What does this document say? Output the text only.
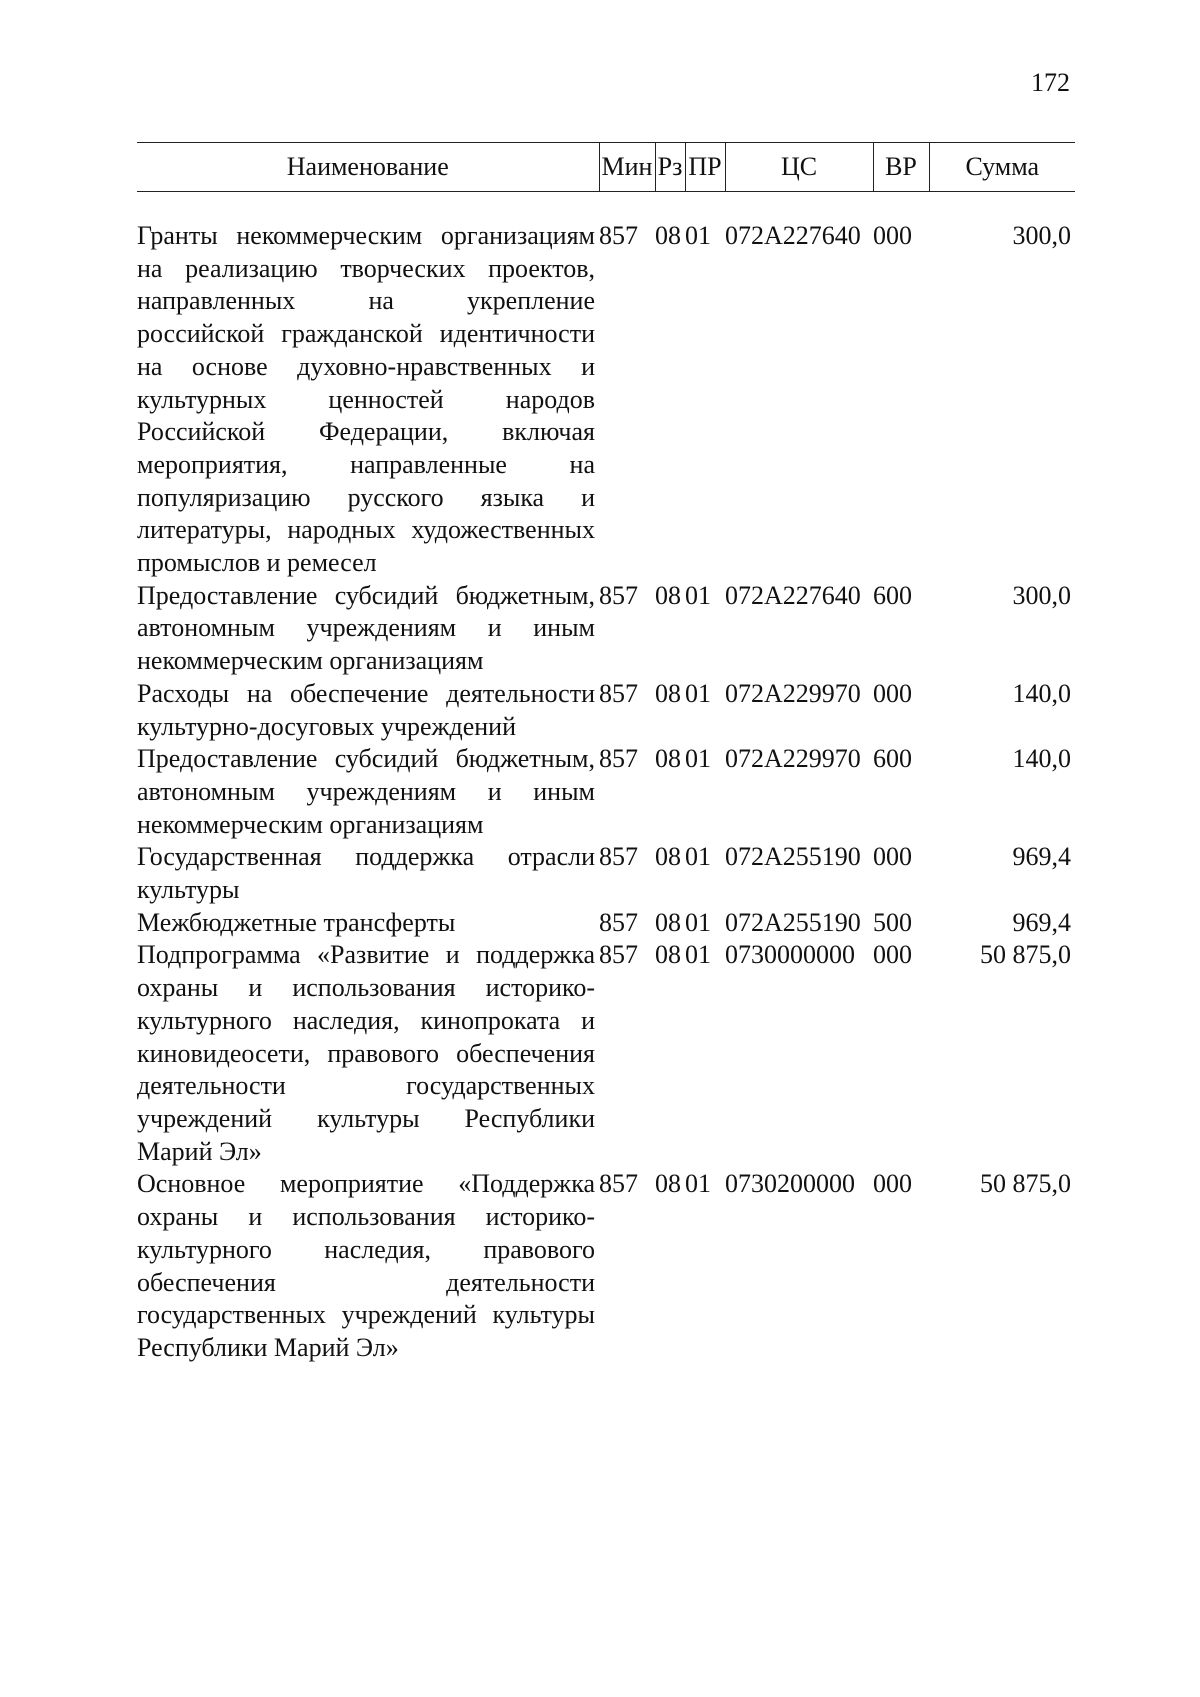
172
Наименование	Мин	Рз	ПР	ЦС	ВР	Сумма

Гранты некоммерческим организациям на реализацию творческих проектов, направленных на укрепление российской гражданской идентичности на основе духовно-нравственных и культурных ценностей народов Российской Федерации, включая мероприятия, направленные на популяризацию русского языка и литературы, народных художественных промыслов и ремесел	857	08	01	072A227640	000	300,0
Предоставление субсидий бюджетным, автономным учреждениям и иным некоммерческим организациям	857	08	01	072A227640	600	300,0
Расходы на обеспечение деятельности культурно-досуговых учреждений	857	08	01	072A229970	000	140,0
Предоставление субсидий бюджетным, автономным учреждениям и иным некоммерческим организациям	857	08	01	072A229970	600	140,0
Государственная поддержка отрасли культуры	857	08	01	072A255190	000	969,4
Межбюджетные трансферты	857	08	01	072A255190	500	969,4
Подпрограмма «Развитие и поддержка охраны и использования историко-культурного наследия, кинопроката и киновидеосети, правового обеспечения деятельности государственных учреждений культуры Республики Марий Эл»	857	08	01	0730000000	000	50 875,0
Основное мероприятие «Поддержка охраны и использования историко-культурного наследия, правового обеспечения деятельности государственных учреждений культуры Республики Марий Эл»	857	08	01	0730200000	000	50 875,0
